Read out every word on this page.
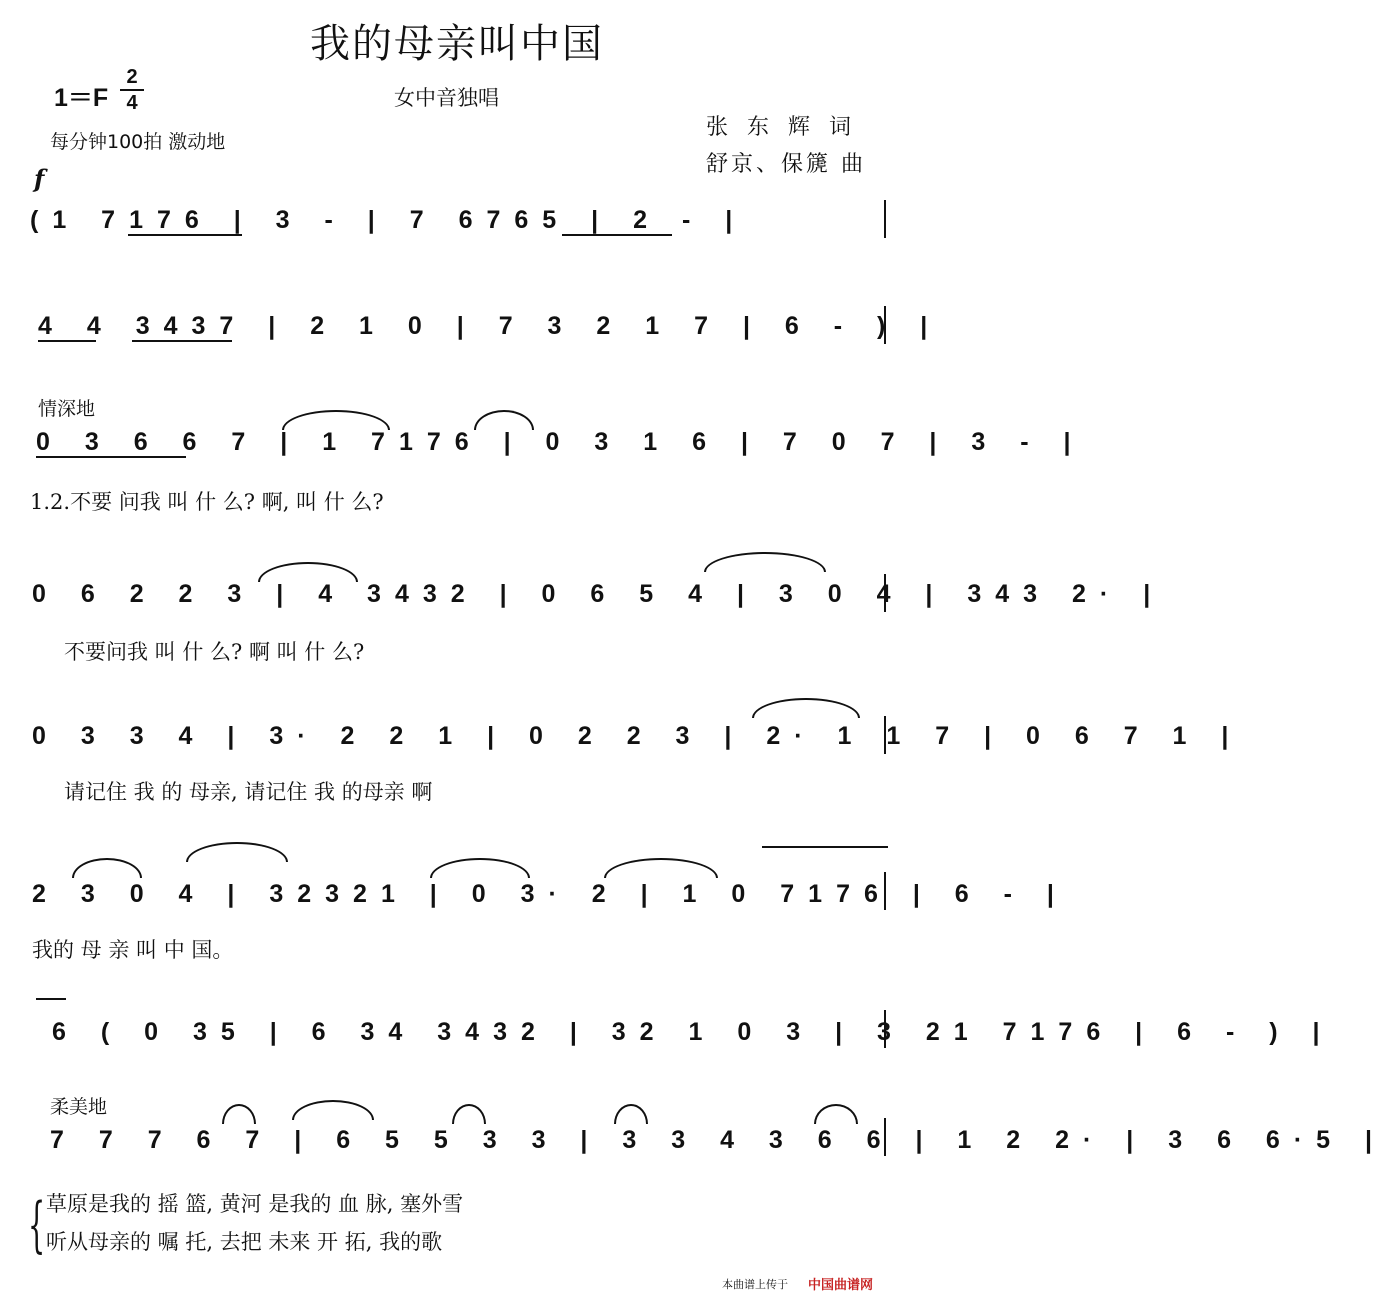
我的母亲叫中国
1＝F
2
4	女中音独唱
每分钟100拍 激动地
张 东 辉 词
舒京、保篪 曲
f
(1 7176 | 3 - | 7 6765 | 2 - |
4 4 3437 | 2 1 0 | 7 3 2 1 7 | 6 - ) |
情深地
0 3 6 6 7 | 1 7176 | 0 3 1 6 | 7 0 7 | 3 - |
1.2.不要 问我 叫 什 么? 啊, 叫 什 么?
0 6 2 2 3 | 4 3432 | 0 6 5 4 | 3 0 4 | 343 2· |
不要问我 叫 什 么? 啊 叫 什 么?
0 3 3 4 | 3· 2 2 1 | 0 2 2 3 | 2· 1 1 7 | 0 6 7 1 |
请记住 我 的 母亲, 请记住 我 的母亲 啊
2 3 0 4 | 32321 | 0 3· 2 | 1 0 7176 | 6 - |
我的 母 亲 叫 中 国。
6 ( 0 35 | 6 34 3432 | 32 1 0 3 | 3 21 7176 | 6 - ) |
柔美地
7 7 7 6 7 | 6 5 5 3 3 | 3 3 4 3 6 6 | 1 2 2· | 3 6 6·5 |
{ 草原是我的 摇 篮, 黄河 是我的 血 脉, 塞外雪
听从母亲的 嘱 托, 去把 未来 开 拓, 我的歌
本曲谱上传于 中国曲谱网
